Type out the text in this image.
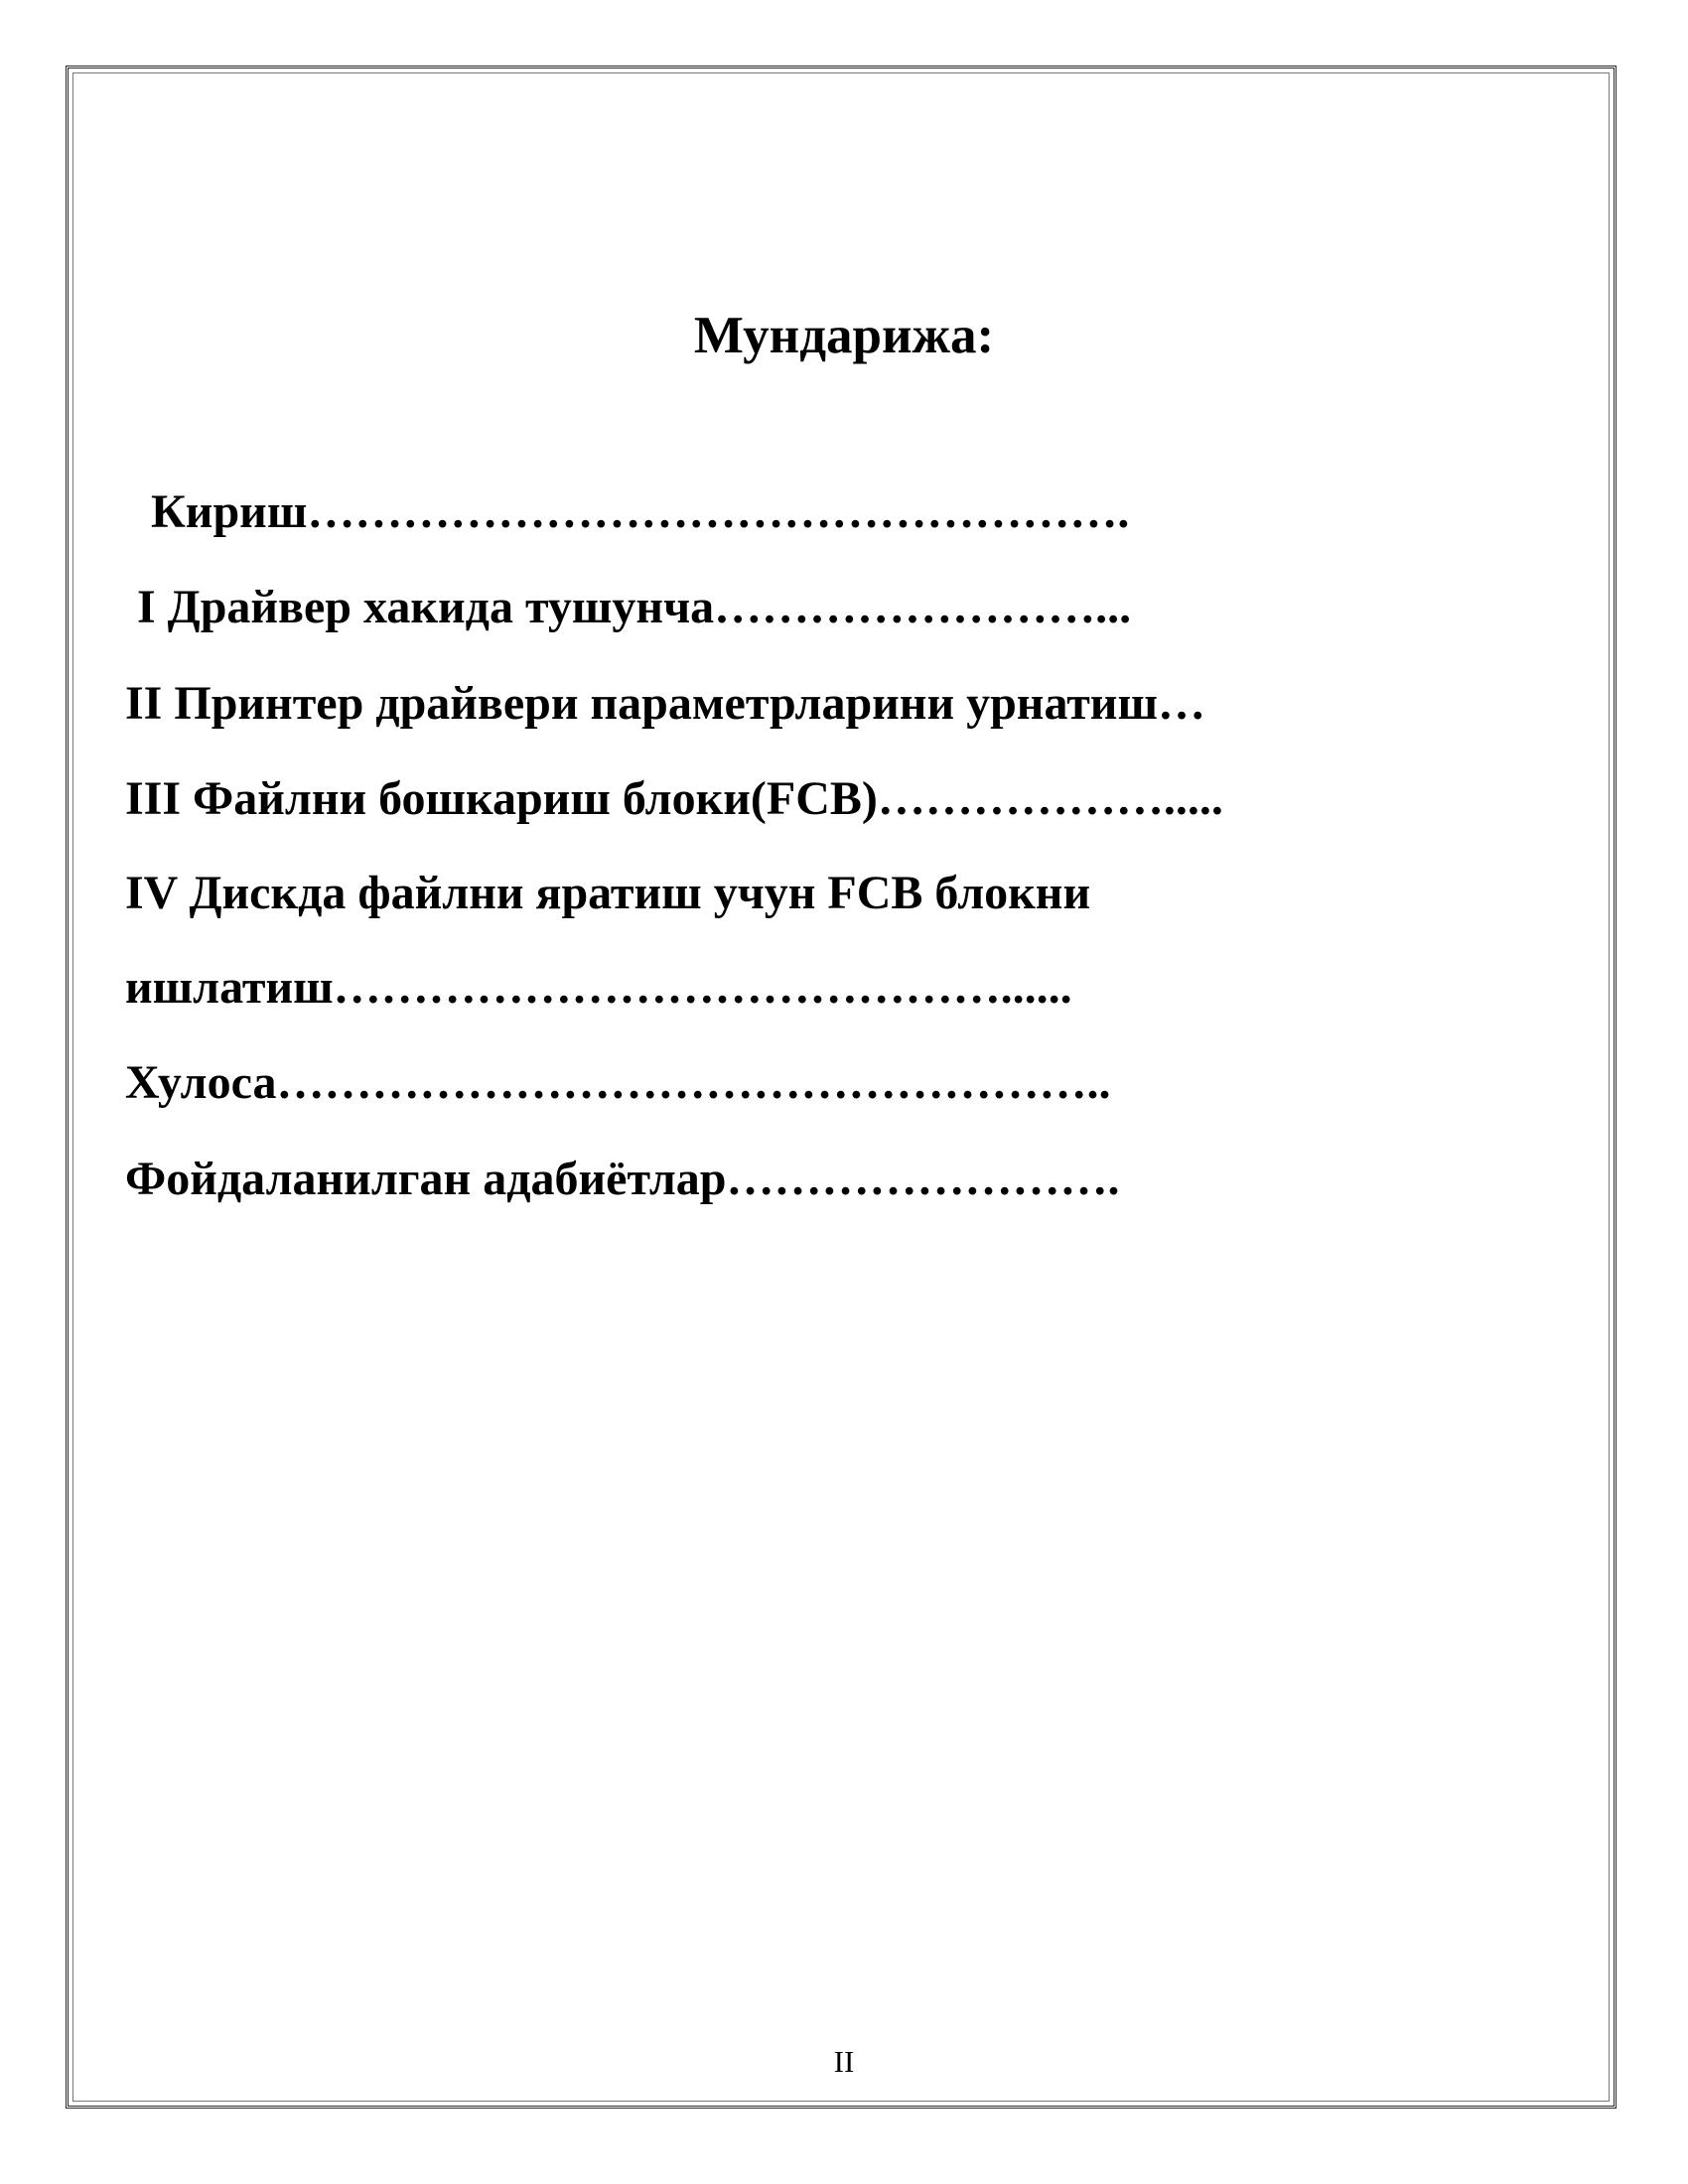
Мундарижа:
Кириш…………………………………………….
I Драйвер хакида тушунча……………………...
II Принтер драйвери параметрларини урнатиш…
III Файлни бошкариш блоки(FCB)……………….....
IV Дискда файлни яратиш учун FCB блокни
ишлатиш……………………………………......
Хулоса……………………………………………..
Фойдаланилган адабиётлар…………………….
II
